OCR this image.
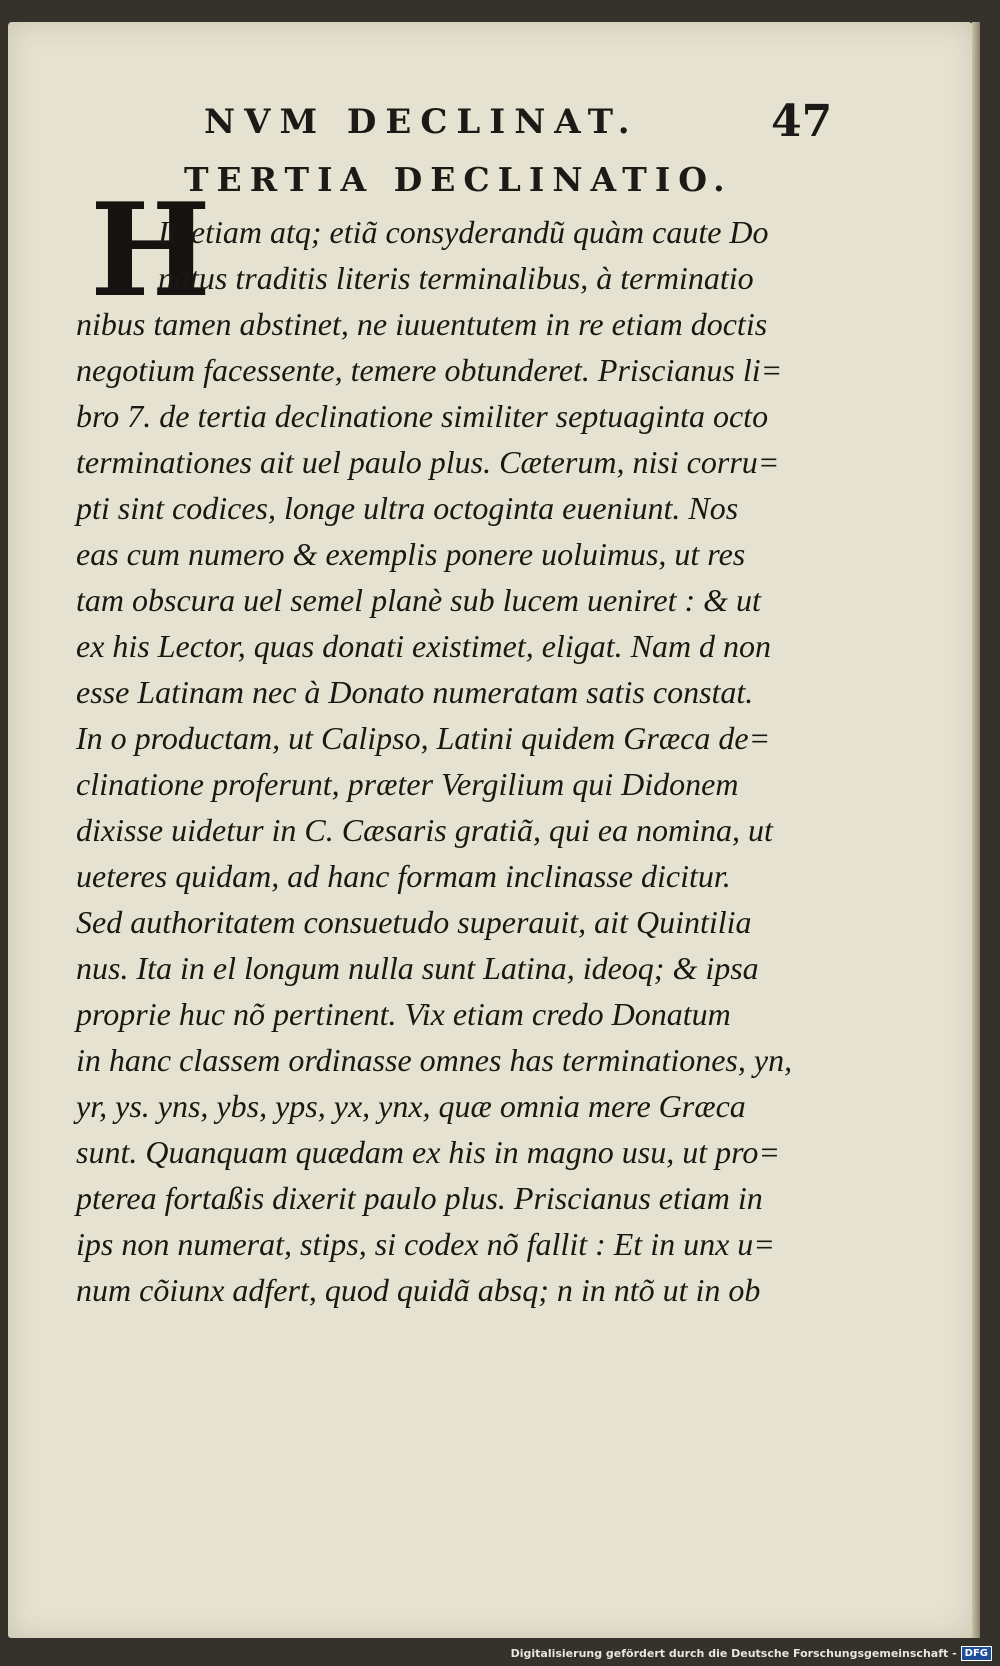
NVM DECLINAT.	47
TERTIA DECLINATIO.
H
Ic etiam atq; etiã consyderandũ quàm caute Do
natus traditis literis terminalibus, à terminatio
nibus tamen abstinet, ne iuuentutem in re etiam doctis
negotium facessente, temere obtunderet. Priscianus li=
bro 7. de tertia declinatione similiter septuaginta octo
terminationes ait uel paulo plus. Cæterum, nisi corru=
pti sint codices, longe ultra octoginta eueniunt. Nos
eas cum numero & exemplis ponere uoluimus, ut res
tam obscura uel semel planè sub lucem ueniret : & ut
ex his Lector, quas donati existimet, eligat. Nam d non
esse Latinam nec à Donato numeratam satis constat.
In o productam, ut Calipso, Latini quidem Græca de=
clinatione proferunt, præter Vergilium qui Didonem
dixisse uidetur in C. Cæsaris gratiã, qui ea nomina, ut
ueteres quidam, ad hanc formam inclinasse dicitur.
Sed authoritatem consuetudo superauit, ait Quintilia
nus. Ita in el longum nulla sunt Latina, ideoq; & ipsa
proprie huc nõ pertinent. Vix etiam credo Donatum
in hanc classem ordinasse omnes has terminationes, yn,
yr, ys. yns, ybs, yps, yx, ynx, quæ omnia mere Græca
sunt. Quanquam quædam ex his in magno usu, ut pro=
pterea fortaßis dixerit paulo plus. Priscianus etiam in
ips non numerat, stips, si codex nõ fallit : Et in unx u=
num cõiunx adfert, quod quidã absq; n in ntõ ut in ob
Digitalisierung gefördert durch die Deutsche Forschungsgemeinschaft - DFG
